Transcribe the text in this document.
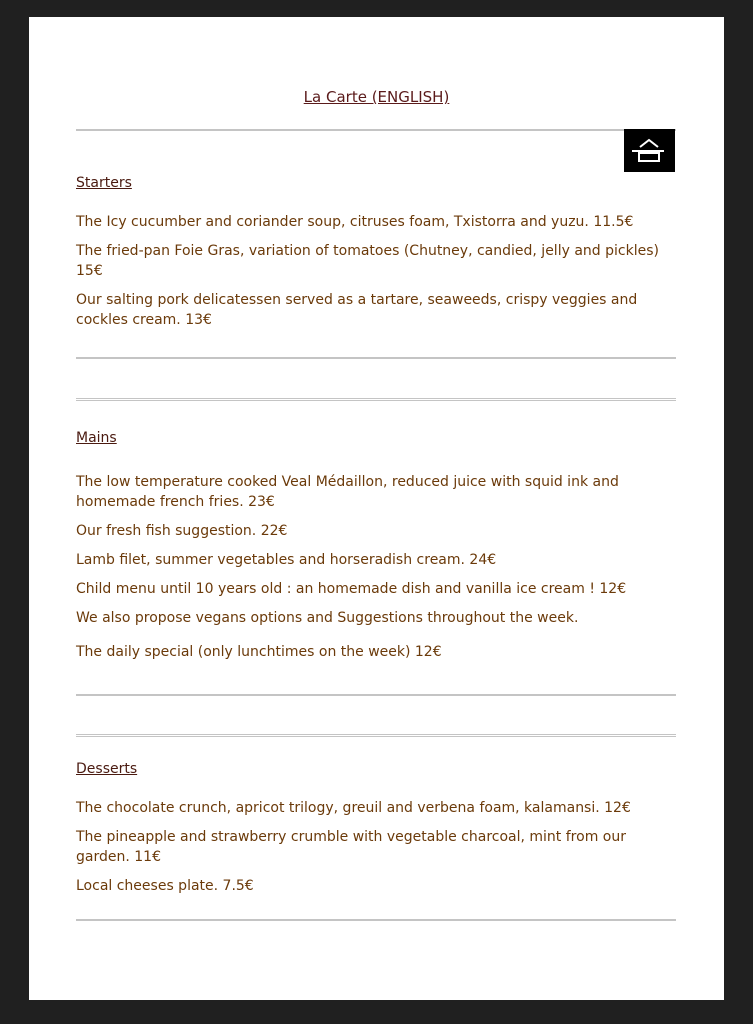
La Carte (ENGLISH)
Starters
The Icy cucumber and coriander soup, citruses foam, Txistorra and yuzu. 11.5€
The fried-pan Foie Gras, variation of tomatoes (Chutney, candied, jelly and pickles) 15€
Our salting pork delicatessen served as a tartare, seaweeds, crispy veggies and cockles cream. 13€
Mains
The low temperature cooked Veal Médaillon, reduced juice with squid ink and homemade french fries. 23€
Our fresh fish suggestion. 22€
Lamb filet, summer vegetables and horseradish cream. 24€
Child menu until 10 years old : an homemade dish and vanilla ice cream ! 12€
We also propose vegans options and Suggestions throughout the week.
The daily special (only lunchtimes on the week) 12€
Desserts
The chocolate crunch, apricot trilogy, greuil and verbena foam, kalamansi. 12€
The pineapple and strawberry crumble with vegetable charcoal, mint from our garden. 11€
Local cheeses plate. 7.5€
